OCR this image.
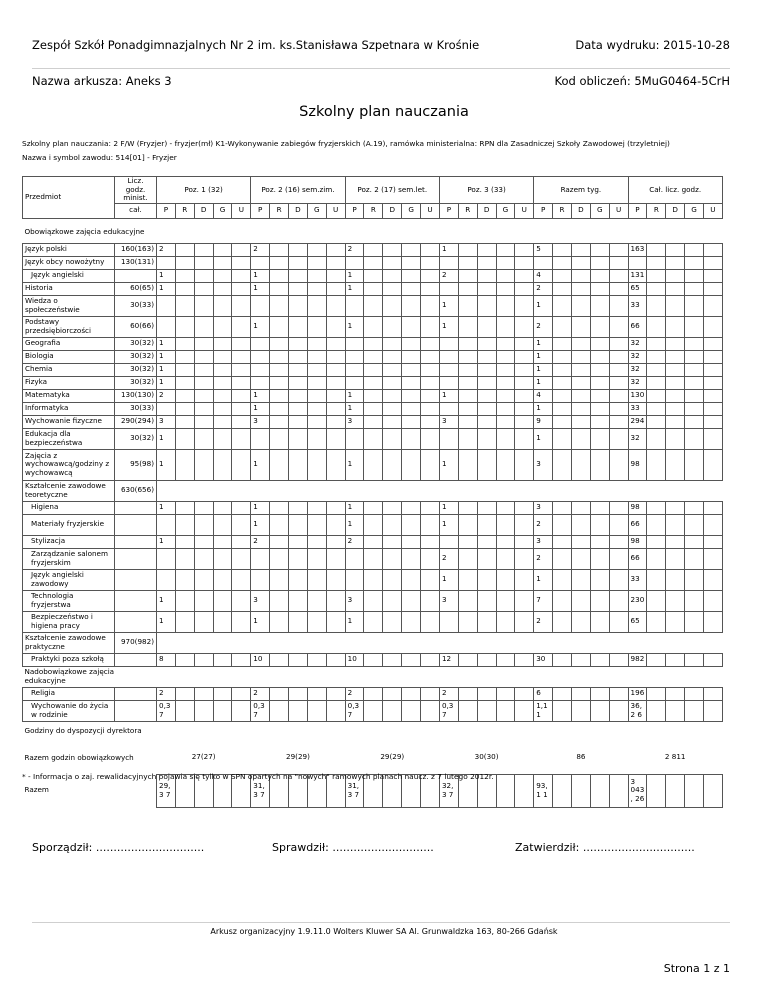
Zespół Szkół Ponadgimnazjalnych Nr 2 im. ks.Stanisława Szpetnara w Krośnie	Data wydruku: 2015-10-28
Nazwa arkusza: Aneks 3	Kod obliczeń: 5MuG0464-5CrH
Szkolny plan nauczania
Szkolny plan nauczania: 2 F/W (Fryzjer) - fryzjer(mł) K1-Wykonywanie zabiegów fryzjerskich (A.19), ramówka ministerialna: RPN dla Zasadniczej Szkoły Zawodowej (trzyletniej)
Nazwa i symbol zawodu: 514[01] - Fryzjer
Przedmiot	Licz. godz. minist.	Poz. 1 (32)					Poz. 2 (16) sem.zim.					Poz. 2 (17) sem.let.					Poz. 3 (33)					Razem tyg.					Cał. licz. godz.				
	cał.	P	R	D	G	U	P	R	D	G	U	P	R	D	G	U	P	R	D	G	U	P	R	D	G	U	P	R	D	G	U

Obowiązkowe zajęcia edukacyjne																															
Język polski	160(163)	2					2					2					1					5					163				
Język obcy nowożytny	130(131)																														
Język angielski		1					1					1					2					4					131				
Historia	60(65)	1					1					1										2					65				
Wiedza o społeczeństwie	30(33)																1					1					33				
Podstawy przedsiębiorczości	60(66)						1					1					1					2					66				
Geografia	30(32)	1																				1					32				
Biologia	30(32)	1																				1					32				
Chemia	30(32)	1																				1					32				
Fizyka	30(32)	1																				1					32				
Matematyka	130(130)	2					1					1					1					4					130				
Informatyka	30(33)						1					1										1					33				
Wychowanie fizyczne	290(294)	3					3					3					3					9					294				
Edukacja dla bezpieczeństwa	30(32)	1																				1					32				
Zajęcia z wychowawcą/godziny z wychowawcą	95(98)	1					1					1					1					3					98				
Kształcenie zawodowe teoretyczne	630(656)																														
Higiena		1					1					1					1					3					98				
Materiały fryzjerskie							1					1					1					2					66				
Stylizacja		1					2					2										3					98				
Zarządzanie salonem fryzjerskim																	2					2					66				
Język angielski zawodowy																	1					1					33				
Technologia fryzjerstwa		1					3					3					3					7					230				
Bezpieczeństwo i higiena pracy		1					1					1										2					65				
Kształcenie zawodowe praktyczne	970(982)																														
Praktyki poza szkołą		8					10					10					12					30					982				
Nadobowiązkowe zajęcia edukacyjne																															
Religia		2					2					2					2					6					196				
Wychowanie do życia w rodzinie		0,37					0,37					0,37					0,37					1,11					36,2 6				
Godziny do dyspozycji dyrektora																															
Razem godzin obowiązkowych		27(27)					29(29)					29(29)					30(30)					86					2 811				
Razem		29,3 7					31,3 7					31,3 7					32,3 7					93,1 1					3 043, 26				
* - Informacja o zaj. rewalidacyjnych pojawia się tylko w SPN opartych na "nowych" ramowych planach naucz. z 7 lutego 2012r.
Sporządził: ...............................	Sprawdził: .............................	Zatwierdził: ................................
Arkusz organizacyjny 1.9.11.0 Wolters Kluwer SA Al. Grunwaldzka 163, 80-266 Gdańsk
Strona 1 z 1
